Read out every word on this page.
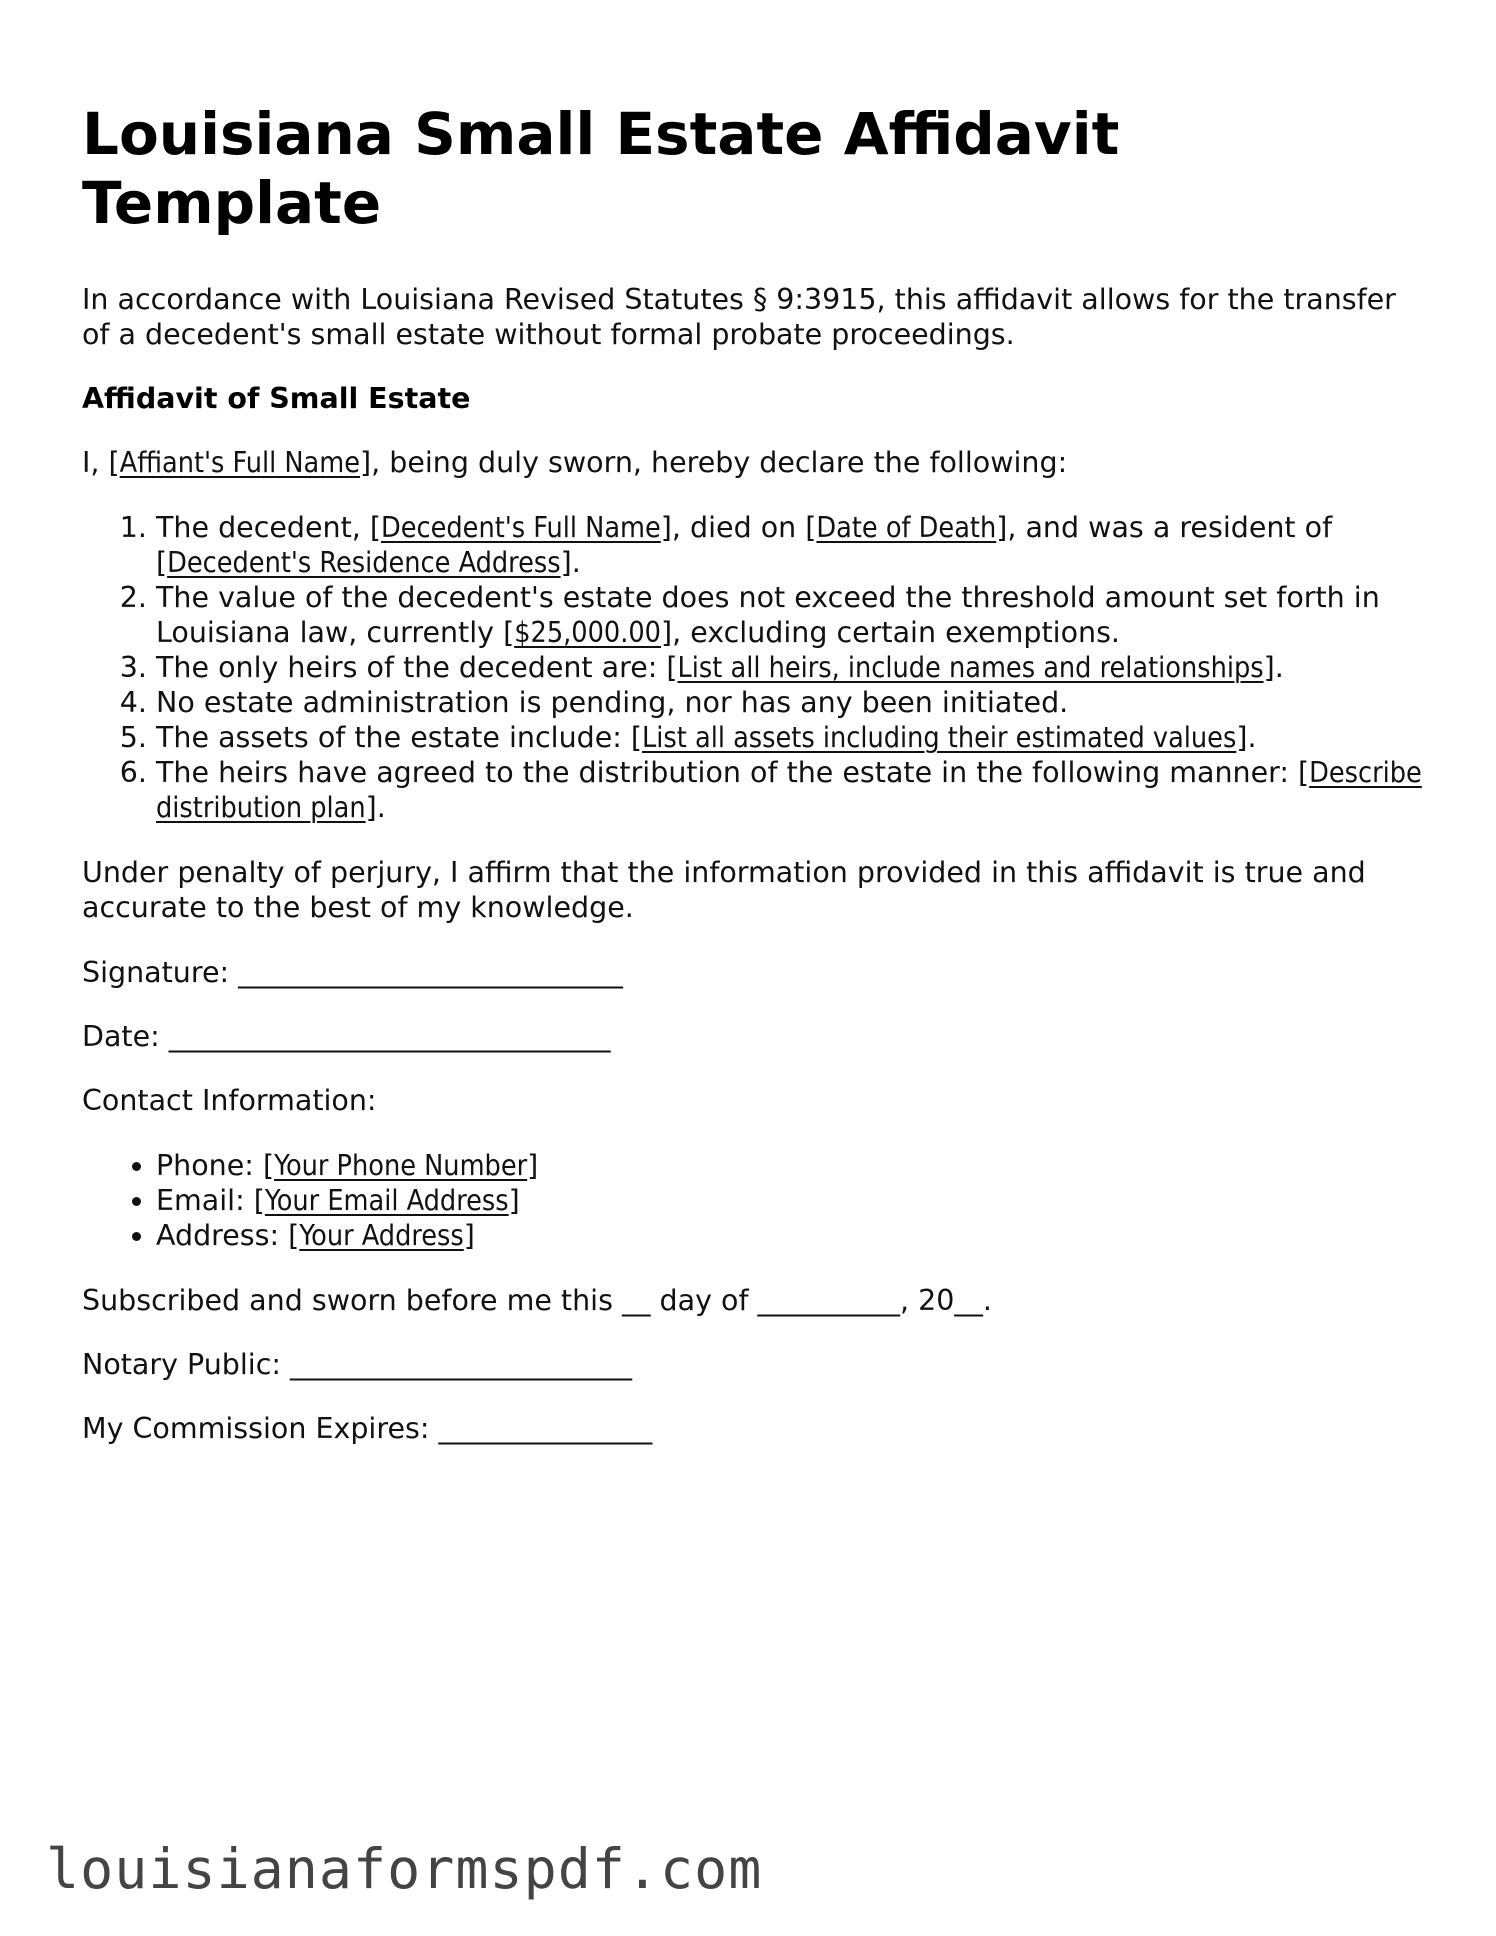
Louisiana Small Estate Affidavit
Template

In accordance with Louisiana Revised Statutes § 9:3915, this affidavit allows for the transfer of a decedent's small estate without formal probate proceedings.

Affidavit of Small Estate

I, [Affiant's Full Name], being duly sworn, hereby declare the following:

1. The decedent, [Decedent's Full Name], died on [Date of Death], and was a resident of [Decedent's Residence Address].
2. The value of the decedent's estate does not exceed the threshold amount set forth in Louisiana law, currently [$25,000.00], excluding certain exemptions.
3. The only heirs of the decedent are: [List all heirs, include names and relationships].
4. No estate administration is pending, nor has any been initiated.
5. The assets of the estate include: [List all assets including their estimated values].
6. The heirs have agreed to the distribution of the estate in the following manner: [Describe distribution plan].

Under penalty of perjury, I affirm that the information provided in this affidavit is true and accurate to the best of my knowledge.

Signature: ___________________________

Date: _______________________________

Contact Information:

• Phone: [Your Phone Number]
• Email: [Your Email Address]
• Address: [Your Address]

Subscribed and sworn before me this __ day of __________, 20__.

Notary Public: ________________________

My Commission Expires: _______________

louisianaformspdf.com
